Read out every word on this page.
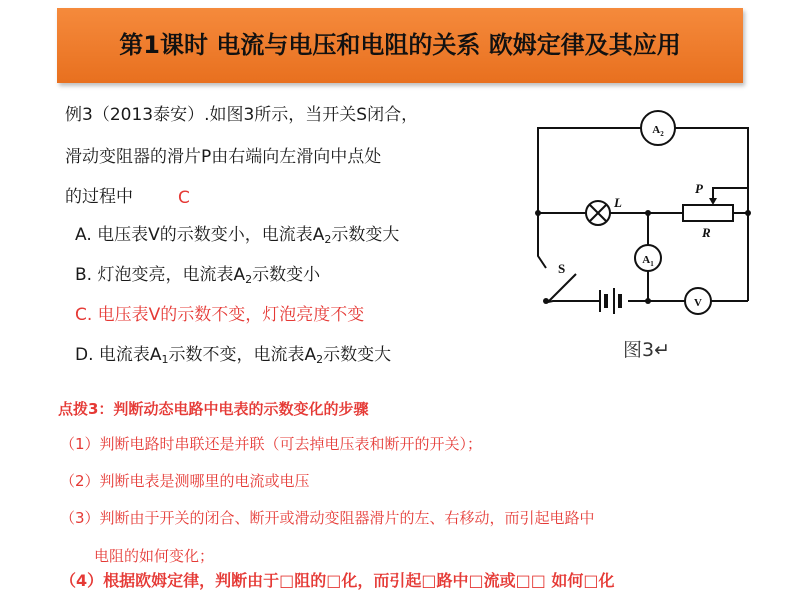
第1课时 电流与电压和电阻的关系 欧姆定律及其应用
例3（2013泰安）.如图3所示，当开关S闭合，
滑动变阻器的滑片P由右端向左滑向中点处
的过程中	C
A. 电压表V的示数变小，电流表$A_2$示数变大
B. 灯泡变亮，电流表$A_2$示数变小
C. 电压表V的示数不变，灯泡亮度不变
D. 电流表$A_1$示数不变，电流表$A_2$示数变大
$A_2$
$A_1$
V
L
P
R
S
图3↵
点拨3：判断动态电路中电表的示数变化的步骤
（1）判断电路时串联还是并联（可去掉电压表和断开的开关）；
（2）判断电表是测哪里的电流或电压
（3）判断由于开关的闭合、断开或滑动变阻器滑片的左、右移动，而引起电路中
电阻的如何变化；
（4）根据欧姆定律，判断由于□阻的□化，而引起□路中□流或□□ 如何□化
